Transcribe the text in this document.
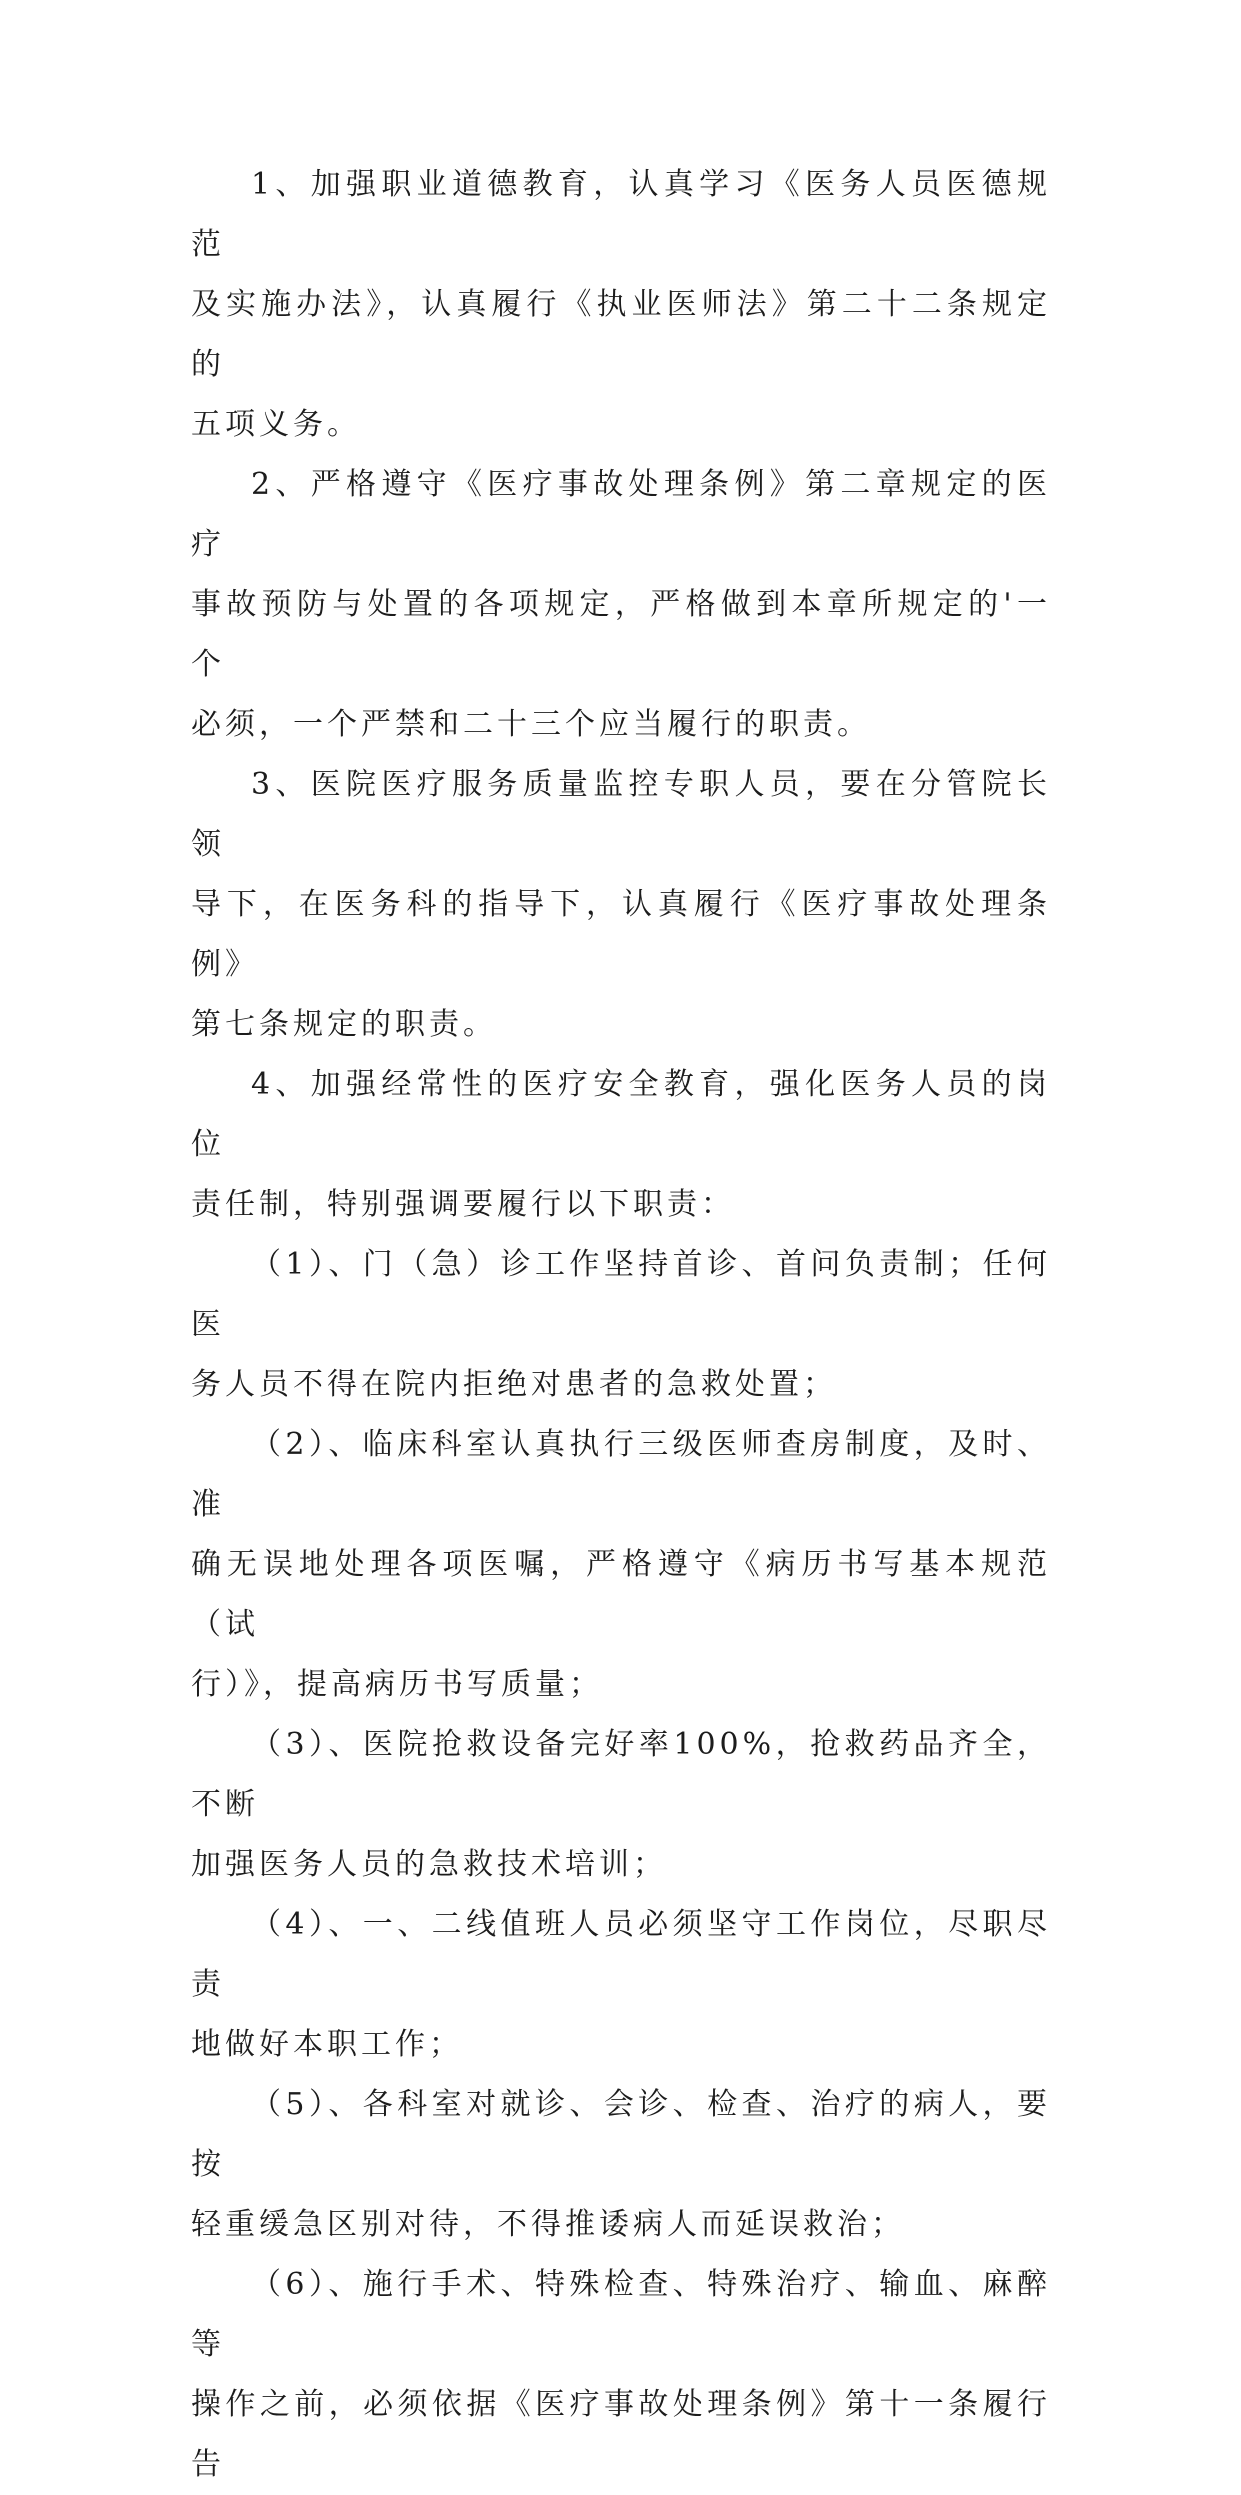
1、加强职业道德教育，认真学习《医务人员医德规范
及实施办法》，认真履行《执业医师法》第二十二条规定的
五项义务。

2、严格遵守《医疗事故处理条例》第二章规定的医疗
事故预防与处置的各项规定，严格做到本章所规定的'一个
必须，一个严禁和二十三个应当履行的职责。

3、医院医疗服务质量监控专职人员，要在分管院长领
导下，在医务科的指导下，认真履行《医疗事故处理条例》
第七条规定的职责。

4、加强经常性的医疗安全教育，强化医务人员的岗位
责任制，特别强调要履行以下职责：

（1）、门（急）诊工作坚持首诊、首问负责制；任何医
务人员不得在院内拒绝对患者的急救处置；

（2）、临床科室认真执行三级医师查房制度，及时、准
确无误地处理各项医嘱，严格遵守《病历书写基本规范（试
行）》，提高病历书写质量；

（3）、医院抢救设备完好率100%，抢救药品齐全，不断
加强医务人员的急救技术培训；

（4）、一、二线值班人员必须坚守工作岗位，尽职尽责
地做好本职工作；

（5）、各科室对就诊、会诊、检查、治疗的病人，要按
轻重缓急区别对待，不得推诿病人而延误救治；

（6）、施行手术、特殊检查、特殊治疗、输血、麻醉等
操作之前，必须依据《医疗事故处理条例》第十一条履行告
